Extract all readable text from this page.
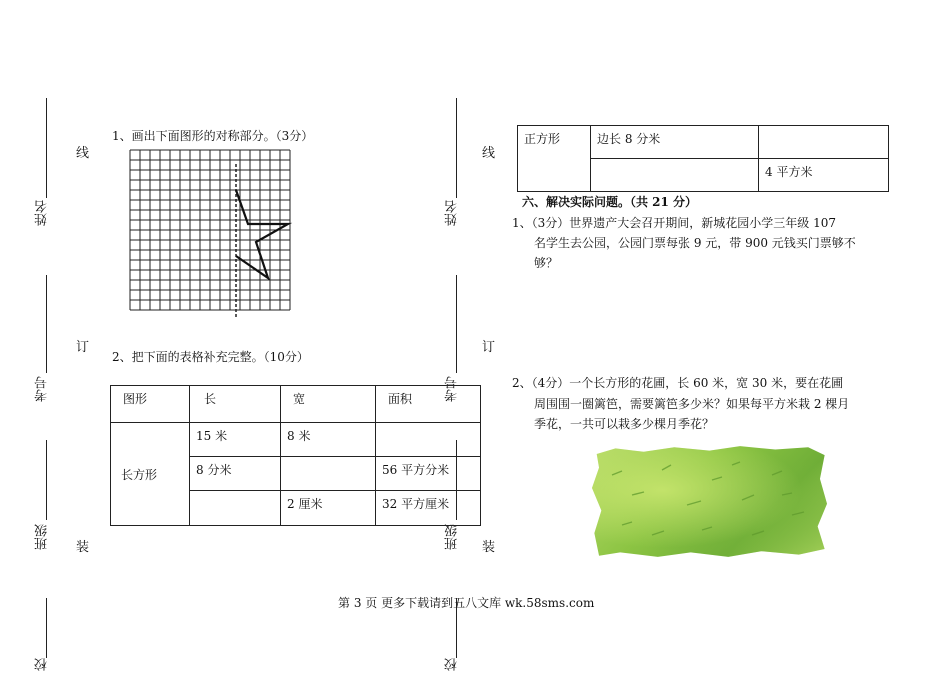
姓名
考号
班级
校
线
订
装
姓名
考号
班级
校
线
订
装
1、画出下面图形的对称部分。（3分）
2、把下面的表格补充完整。（10分）
图形	长	宽	面积
长方形	15 米	8 米	
	8 分米		56 平方分米
		2 厘米	32 平方厘米
正方形	边长 8 分米	
		4 平方米
六、解决实际问题。（共 21 分）
1、（3分）世界遗产大会召开期间，新城花园小学三年级 107
名学生去公园，公园门票每张 9 元，带 900 元钱买门票够不
够？
2、（4分）一个长方形的花圃，长 60 米，宽 30 米，要在花圃
周围围一圈篱笆，需要篱笆多少米？如果每平方米栽 2 棵月
季花，一共可以栽多少棵月季花？
第 3 页 更多下载请到五八文库 wk.58sms.com
